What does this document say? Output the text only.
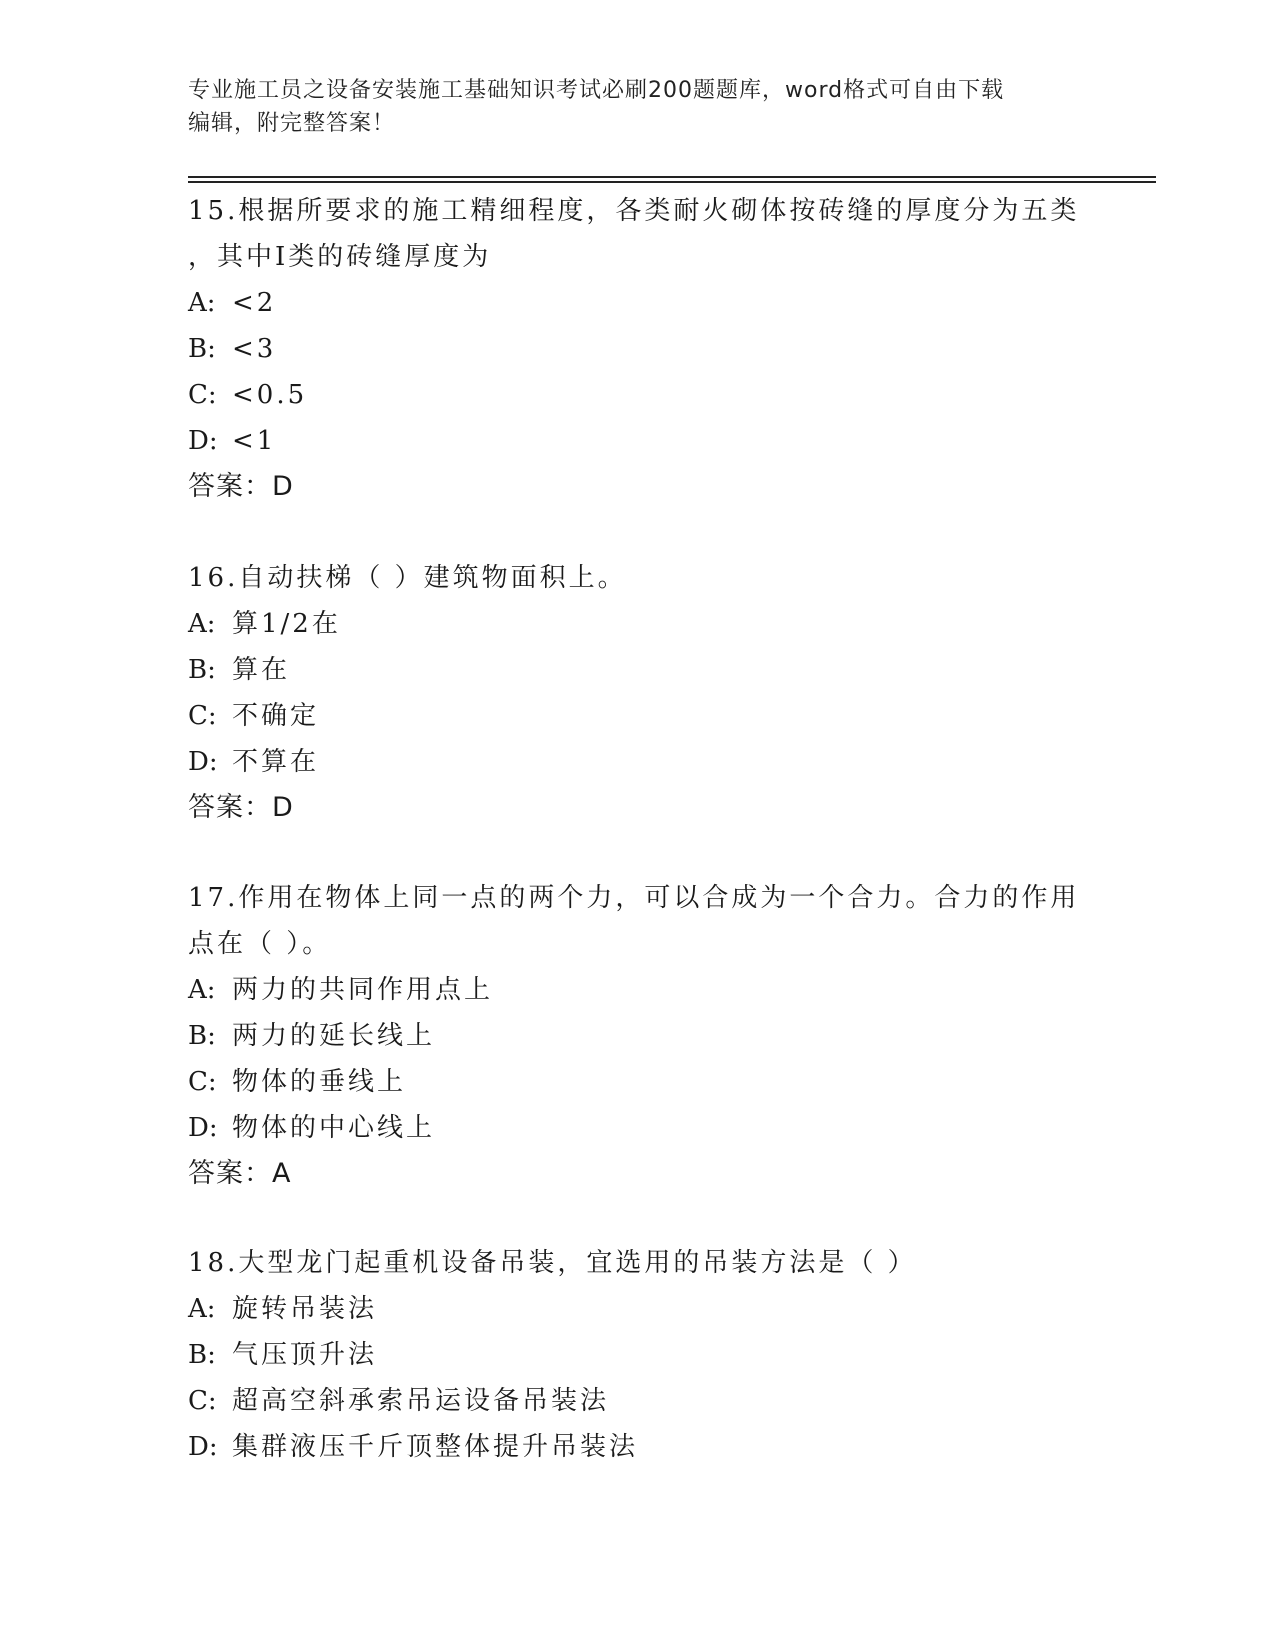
专业施工员之设备安装施工基础知识考试必刷200题题库，word格式可自由下载
编辑，附完整答案！
15.根据所要求的施工精细程度，各类耐火砌体按砖缝的厚度分为五类
，其中Ⅰ类的砖缝厚度为
A: <2
B: <3
C: <0.5
D: <1
答案：D
16.自动扶梯（ ）建筑物面积上。
A: 算1/2在
B: 算在
C: 不确定
D: 不算在
答案：D
17.作用在物体上同一点的两个力，可以合成为一个合力。合力的作用
点在（ ）。
A: 两力的共同作用点上
B: 两力的延长线上
C: 物体的垂线上
D: 物体的中心线上
答案：A
18.大型龙门起重机设备吊装，宜选用的吊装方法是（ ）
A: 旋转吊装法
B: 气压顶升法
C: 超高空斜承索吊运设备吊装法
D: 集群液压千斤顶整体提升吊装法
